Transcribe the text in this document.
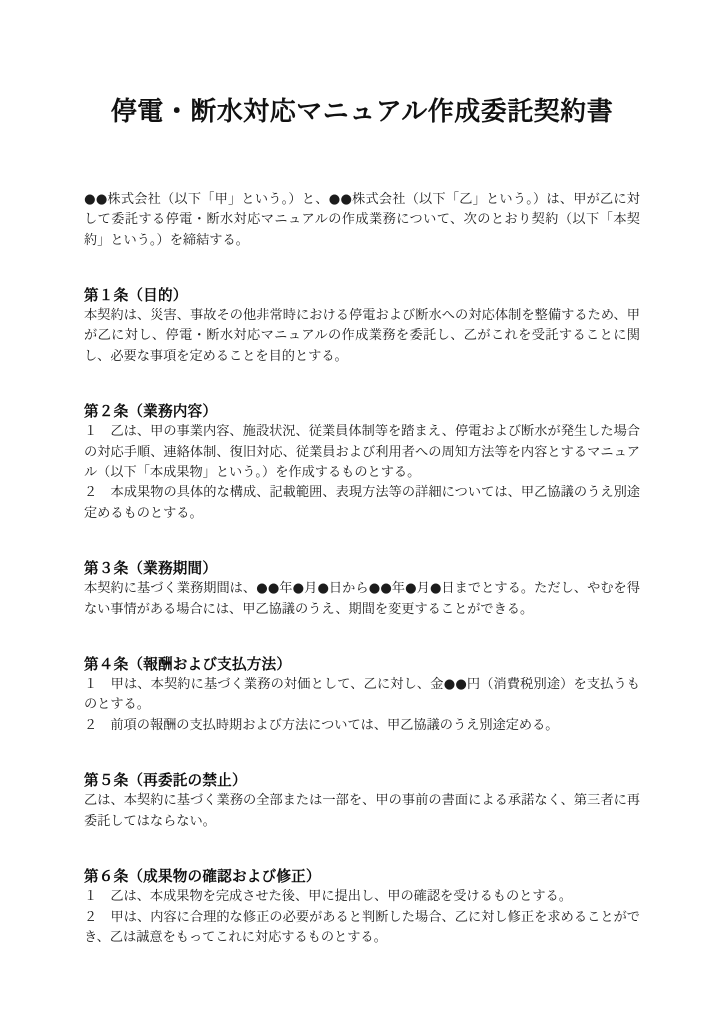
停電・断水対応マニュアル作成委託契約書

●●株式会社（以下「甲」という。）と、●●株式会社（以下「乙」という。）は、甲が乙に対して委託する停電・断水対応マニュアルの作成業務について、次のとおり契約（以下「本契約」という。）を締結する。

第１条（目的）

本契約は、災害、事故その他非常時における停電および断水への対応体制を整備するため、甲が乙に対し、停電・断水対応マニュアルの作成業務を委託し、乙がこれを受託することに関し、必要な事項を定めることを目的とする。

第２条（業務内容）

１　乙は、甲の事業内容、施設状況、従業員体制等を踏まえ、停電および断水が発生した場合の対応手順、連絡体制、復旧対応、従業員および利用者への周知方法等を内容とするマニュアル（以下「本成果物」という。）を作成するものとする。

２　本成果物の具体的な構成、記載範囲、表現方法等の詳細については、甲乙協議のうえ別途定めるものとする。

第３条（業務期間）

本契約に基づく業務期間は、●●年●月●日から●●年●月●日までとする。ただし、やむを得ない事情がある場合には、甲乙協議のうえ、期間を変更することができる。

第４条（報酬および支払方法）

１　甲は、本契約に基づく業務の対価として、乙に対し、金●●円（消費税別途）を支払うものとする。

２　前項の報酬の支払時期および方法については、甲乙協議のうえ別途定める。

第５条（再委託の禁止）

乙は、本契約に基づく業務の全部または一部を、甲の事前の書面による承諾なく、第三者に再委託してはならない。

第６条（成果物の確認および修正）

１　乙は、本成果物を完成させた後、甲に提出し、甲の確認を受けるものとする。

２　甲は、内容に合理的な修正の必要があると判断した場合、乙に対し修正を求めることができ、乙は誠意をもってこれに対応するものとする。
